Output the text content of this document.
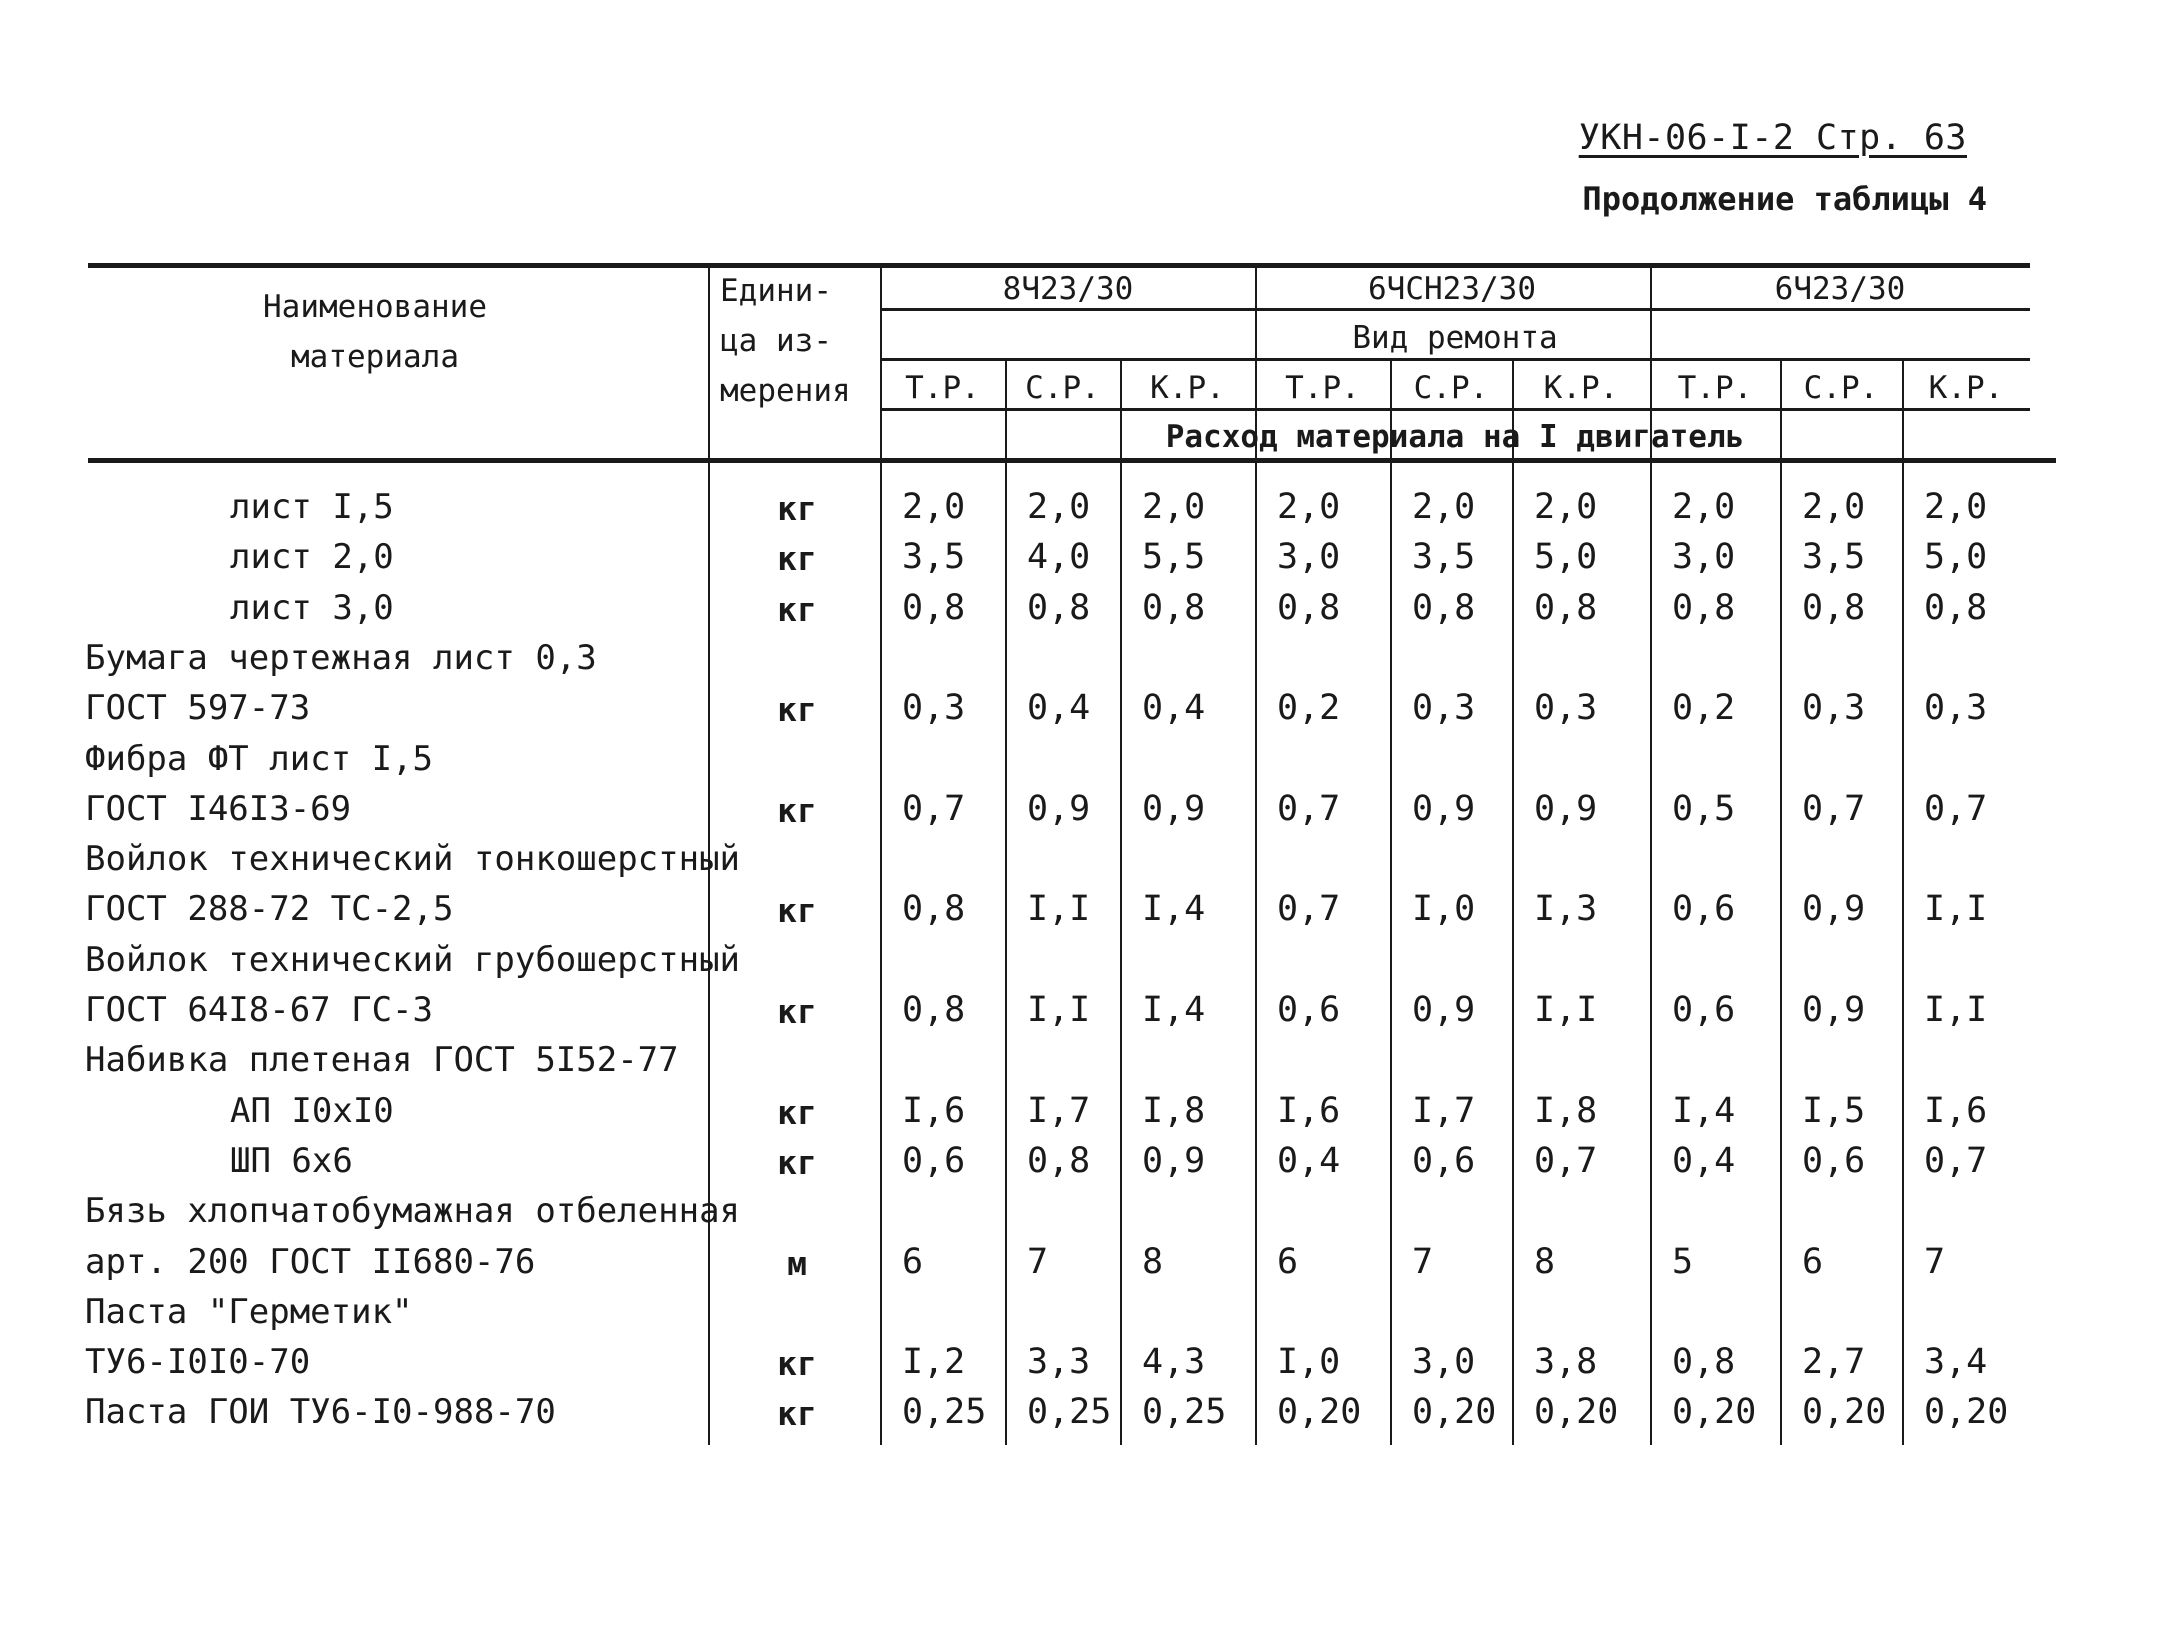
УКН-06-I-2 Стр. 63
Продолжение таблицы 4
Наименование
материала
Едини-
ца из-
мерения
8Ч23/30	6ЧСН23/30	6Ч23/30
Вид ремонта
Т.Р. С.Р. К.Р. Т.Р. С.Р. К.Р. Т.Р. С.Р. К.Р.
Расход материала на I двигатель
лист I,5	кг 2,0 2,0 2,0 2,0 2,0 2,0 2,0 2,0 2,0
лист 2,0	кг 3,5 4,0 5,5 3,0 3,5 5,0 3,0 3,5 5,0
лист 3,0	кг 0,8 0,8 0,8 0,8 0,8 0,8 0,8 0,8 0,8
Бумага чертежная лист 0,3
ГОСТ 597-73	кг 0,3 0,4 0,4 0,2 0,3 0,3 0,2 0,3 0,3
Фибра ФТ лист I,5
ГОСТ I46I3-69	кг 0,7 0,9 0,9 0,7 0,9 0,9 0,5 0,7 0,7
Войлок технический тонкошерстный
ГОСТ 288-72 ТС-2,5	кг 0,8 I,I I,4 0,7 I,0 I,3 0,6 0,9 I,I
Войлок технический грубошерстный
ГОСТ 64I8-67 ГС-3	кг 0,8 I,I I,4 0,6 0,9 I,I 0,6 0,9 I,I
Набивка плетеная ГОСТ 5I52-77
АП I0xI0	кг I,6 I,7 I,8 I,6 I,7 I,8 I,4 I,5 I,6
ШП 6x6	кг 0,6 0,8 0,9 0,4 0,6 0,7 0,4 0,6 0,7
Бязь хлопчатобумажная отбеленная
арт. 200 ГОСТ II680-76	м	6	7	8	6	7	8	5	6	7
Паста "Герметик"
ТУ6-I0I0-70	кг I,2 3,3 4,3 I,0 3,0 3,8 0,8 2,7 3,4
Паста ГОИ ТУ6-I0-988-70	кг 0,25 0,25 0,25 0,20 0,20 0,20 0,20 0,20 0,20
